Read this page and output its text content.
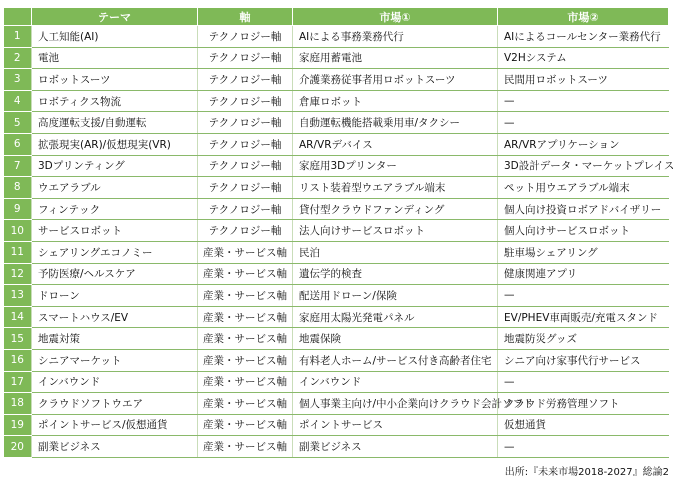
	テーマ	軸	市場①	市場②
1	人工知能(AI)	テクノロジー軸	AIによる事務業務代行	AIによるコールセンター業務代行
2	電池	テクノロジー軸	家庭用蓄電池	V2Hシステム
3	ロボットスーツ	テクノロジー軸	介護業務従事者用ロボットスーツ	民間用ロボットスーツ
4	ロボティクス物流	テクノロジー軸	倉庫ロボット	—
5	高度運転支援/自動運転	テクノロジー軸	自動運転機能搭載乗用車/タクシー	—
6	拡張現実(AR)/仮想現実(VR)	テクノロジー軸	AR/VRデバイス	AR/VRアプリケーション
7	3Dプリンティング	テクノロジー軸	家庭用3Dプリンター	3D設計データ・マーケットプレイス
8	ウエアラブル	テクノロジー軸	リスト装着型ウエアラブル端末	ペット用ウエアラブル端末
9	フィンテック	テクノロジー軸	貸付型クラウドファンディング	個人向け投資ロボアドバイザリー
10	サービスロボット	テクノロジー軸	法人向けサービスロボット	個人向けサービスロボット
11	シェアリングエコノミー	産業・サービス軸	民泊	駐車場シェアリング
12	予防医療/ヘルスケア	産業・サービス軸	遺伝学的検査	健康関連アプリ
13	ドローン	産業・サービス軸	配送用ドローン/保険	—
14	スマートハウス/EV	産業・サービス軸	家庭用太陽光発電パネル	EV/PHEV車両販売/充電スタンド
15	地震対策	産業・サービス軸	地震保険	地震防災グッズ
16	シニアマーケット	産業・サービス軸	有料老人ホーム/サービス付き高齢者住宅	シニア向け家事代行サービス
17	インバウンド	産業・サービス軸	インバウンド	—
18	クラウドソフトウエア	産業・サービス軸	個人事業主向け/中小企業向けクラウド会計ソフト	クラウド労務管理ソフト
19	ポイントサービス/仮想通貨	産業・サービス軸	ポイントサービス	仮想通貨
20	副業ビジネス	産業・サービス軸	副業ビジネス	—
出所:『未来市場2018-2027』総論2
